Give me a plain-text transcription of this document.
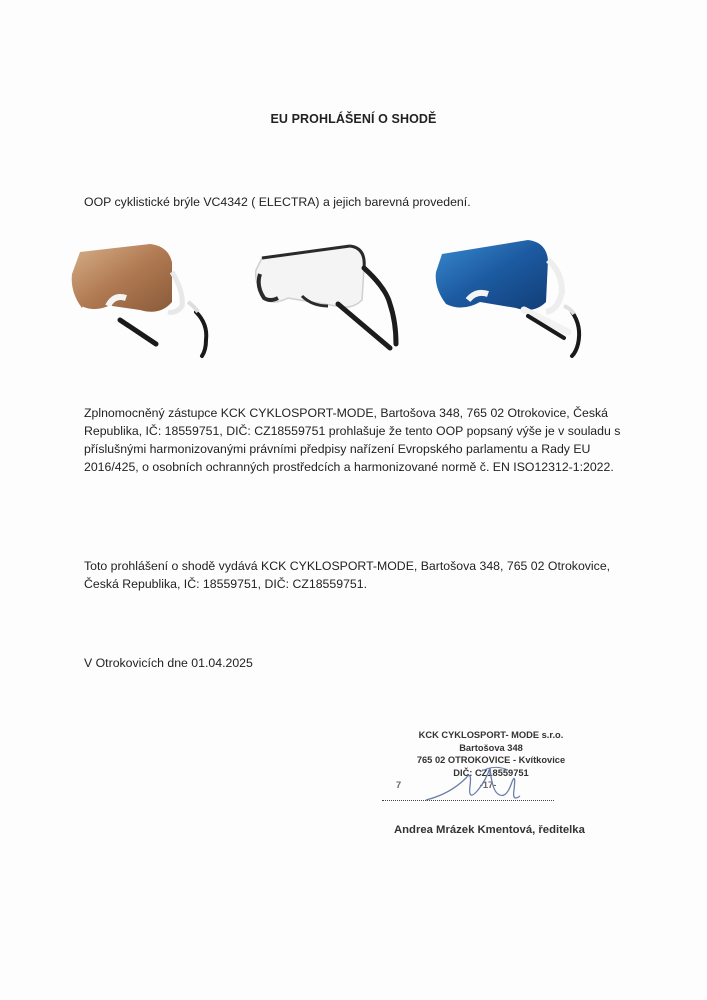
EU PROHLÁŠENÍ O SHODĚ
OOP cyklistické brýle VC4342 ( ELECTRA) a jejich barevná provedení.
Zplnomocněný zástupce KCK CYKLOSPORT-MODE, Bartošova 348, 765 02 Otrokovice, Česká Republika, IČ: 18559751, DIČ: CZ18559751 prohlašuje že tento OOP popsaný výše je v souladu s příslušnými harmonizovanými právními předpisy nařízení Evropského parlamentu a Rady EU 2016/425, o osobních ochranných prostředcích a harmonizované normě č. EN ISO12312-1:2022.
Toto prohlášení o shodě vydává KCK CYKLOSPORT-MODE, Bartošova 348, 765 02 Otrokovice, Česká Republika, IČ: 18559751, DIČ: CZ18559751.
V Otrokovicích dne 01.04.2025
KCK CYKLOSPORT- MODE s.r.o.
Bartošova 348
765 02 OTROKOVICE - Kvítkovice
DIČ: CZ18559751
7	-17-
Andrea Mrázek Kmentová, ředitelka
